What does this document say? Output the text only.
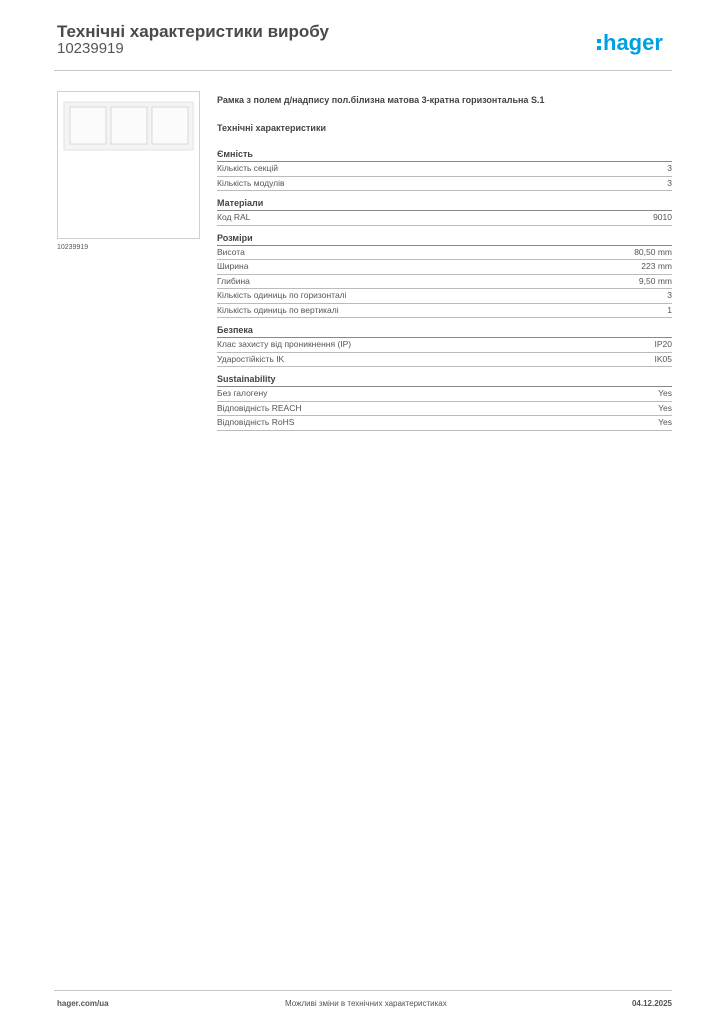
Технічні характеристики виробу
10239919	hager
10239919
Рамка з полем д/надпису пол.білизна матова 3-кратна горизонтальна S.1
Технічні характеристики
Ємність
Кількість секцій	3
Кількість модулів	3
Матеріали
Код RAL	9010
Розміри
Висота	80,50 mm
Ширина	223 mm
Глибина	9,50 mm
Кількість одиниць по горизонталі	3
Кількість одиниць по вертикалі	1
Безпека
Клас захисту від проникнення (IP)	IP20
Ударостійкість IK	IK05
Sustainability
Без галогену	Yes
Відповідність REACH	Yes
Відповідність RoHS	Yes
hager.com/ua	Можливі зміни в технічних характеристиках	04.12.2025
